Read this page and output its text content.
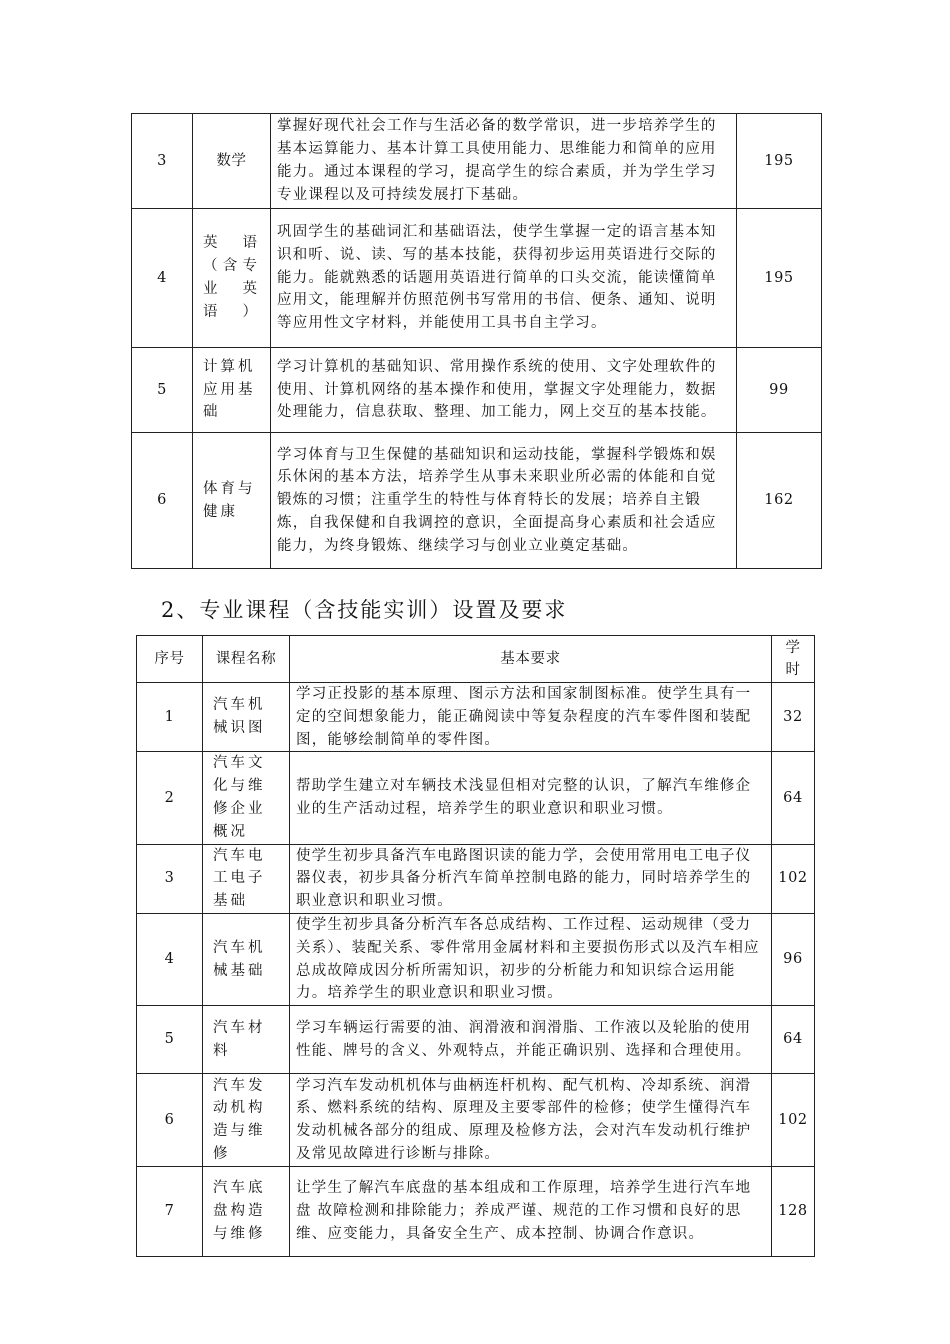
3	数学	掌握好现代社会工作与生活必备的数学常识，进一步培养学生的基本运算能力、基本计算工具使用能力、思维能力和简单的应用能力。通过本课程的学习，提高学生的综合素质，并为学生学习专业课程以及可持续发展打下基础。	195
4	英语（含专业英语）	巩固学生的基础词汇和基础语法，使学生掌握一定的语言基本知识和听、说、读、写的基本技能，获得初步运用英语进行交际的能力。能就熟悉的话题用英语进行简单的口头交流，能读懂简单应用文，能理解并仿照范例书写常用的书信、便条、通知、说明等应用性文字材料，并能使用工具书自主学习。	195
5	计算机应用基础	学习计算机的基础知识、常用操作系统的使用、文字处理软件的使用、计算机网络的基本操作和使用，掌握文字处理能力，数据处理能力，信息获取、整理、加工能力，网上交互的基本技能。	99
6	体育与健康	学习体育与卫生保健的基础知识和运动技能，掌握科学锻炼和娱乐休闲的基本方法，培养学生从事未来职业所必需的体能和自觉锻炼的习惯；注重学生的特性与体育特长的发展；培养自主锻炼，自我保健和自我调控的意识，全面提高身心素质和社会适应能力，为终身锻炼、继续学习与创业立业奠定基础。	162
2、专业课程（含技能实训）设置及要求
序号	课程名称	基本要求	学时
1	汽车机械识图	学习正投影的基本原理、图示方法和国家制图标准。使学生具有一定的空间想象能力，能正确阅读中等复杂程度的汽车零件图和装配图，能够绘制简单的零件图。	32
2	汽车文化与维修企业概况	帮助学生建立对车辆技术浅显但相对完整的认识，了解汽车维修企业的生产活动过程，培养学生的职业意识和职业习惯。	64
3	汽车电工电子基础	使学生初步具备汽车电路图识读的能力学，会使用常用电工电子仪器仪表，初步具备分析汽车简单控制电路的能力，同时培养学生的职业意识和职业习惯。	102
4	汽车机械基础	使学生初步具备分析汽车各总成结构、工作过程、运动规律（受力关系）、装配关系、零件常用金属材料和主要损伤形式以及汽车相应总成故障成因分析所需知识，初步的分析能力和知识综合运用能力。培养学生的职业意识和职业习惯。	96
5	汽车材料	学习车辆运行需要的油、润滑液和润滑脂、工作液以及轮胎的使用性能、牌号的含义、外观特点，并能正确识别、选择和合理使用。	64
6	汽车发动机构造与维修	学习汽车发动机机体与曲柄连杆机构、配气机构、冷却系统、润滑系、燃料系统的结构、原理及主要零部件的检修；使学生懂得汽车发动机械各部分的组成、原理及检修方法，会对汽车发动机行维护及常见故障进行诊断与排除。	102
7	汽车底盘构造与维修	让学生了解汽车底盘的基本组成和工作原理，培养学生进行汽车地盘 故障检测和排除能力；养成严谨、规范的工作习惯和良好的思维、应变能力，具备安全生产、成本控制、协调合作意识。	128
